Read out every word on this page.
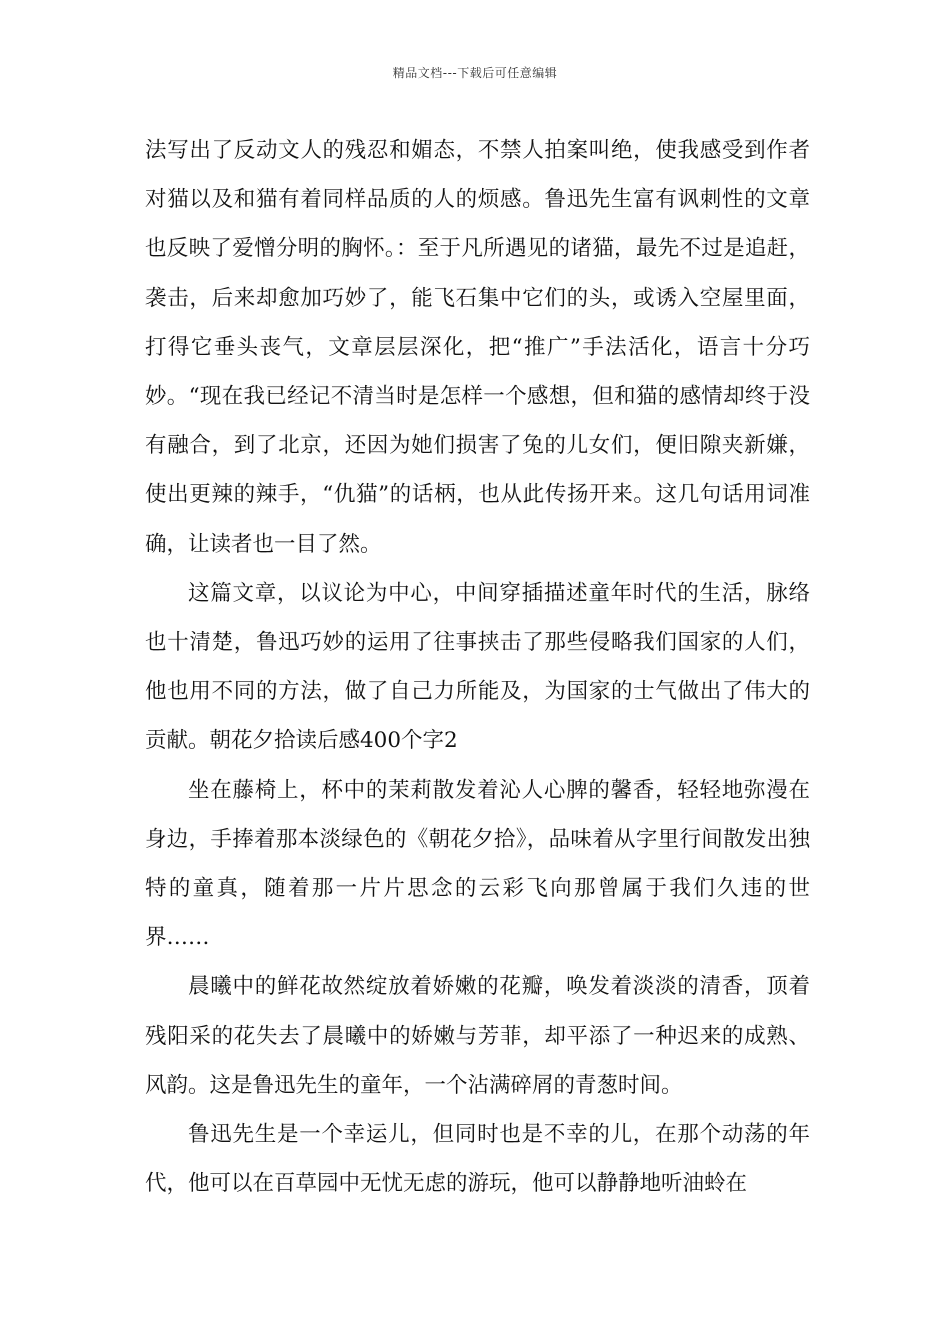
精品文档---下载后可任意编辑

法写出了反动文人的残忍和媚态，不禁人拍案叫绝，使我感受到作者对猫以及和猫有着同样品质的人的烦感。鲁迅先生富有讽刺性的文章也反映了爱憎分明的胸怀。：至于凡所遇见的诸猫，最先不过是追赶，袭击，后来却愈加巧妙了，能飞石集中它们的头，或诱入空屋里面，打得它垂头丧气，文章层层深化，把“推广”手法活化，语言十分巧妙。“现在我已经记不清当时是怎样一个感想，但和猫的感情却终于没有融合，到了北京，还因为她们损害了兔的儿女们，便旧隙夹新嫌，使出更辣的辣手，“仇猫”的话柄，也从此传扬开来。这几句话用词准确，让读者也一目了然。

这篇文章，以议论为中心，中间穿插描述童年时代的生活，脉络也十清楚，鲁迅巧妙的运用了往事挟击了那些侵略我们国家的人们，他也用不同的方法，做了自己力所能及，为国家的士气做出了伟大的贡献。朝花夕拾读后感400个字2

坐在藤椅上，杯中的茉莉散发着沁人心脾的馨香，轻轻地弥漫在身边，手捧着那本淡绿色的《朝花夕拾》，品味着从字里行间散发出独特的童真，随着那一片片思念的云彩飞向那曾属于我们久违的世界……

晨曦中的鲜花故然绽放着娇嫩的花瓣，唤发着淡淡的清香，顶着残阳采的花失去了晨曦中的娇嫩与芳菲，却平添了一种迟来的成熟、风韵。这是鲁迅先生的童年，一个沾满碎屑的青葱时间。

鲁迅先生是一个幸运儿，但同时也是不幸的儿，在那个动荡的年代，他可以在百草园中无忧无虑的游玩，他可以静静地听油蛉在
